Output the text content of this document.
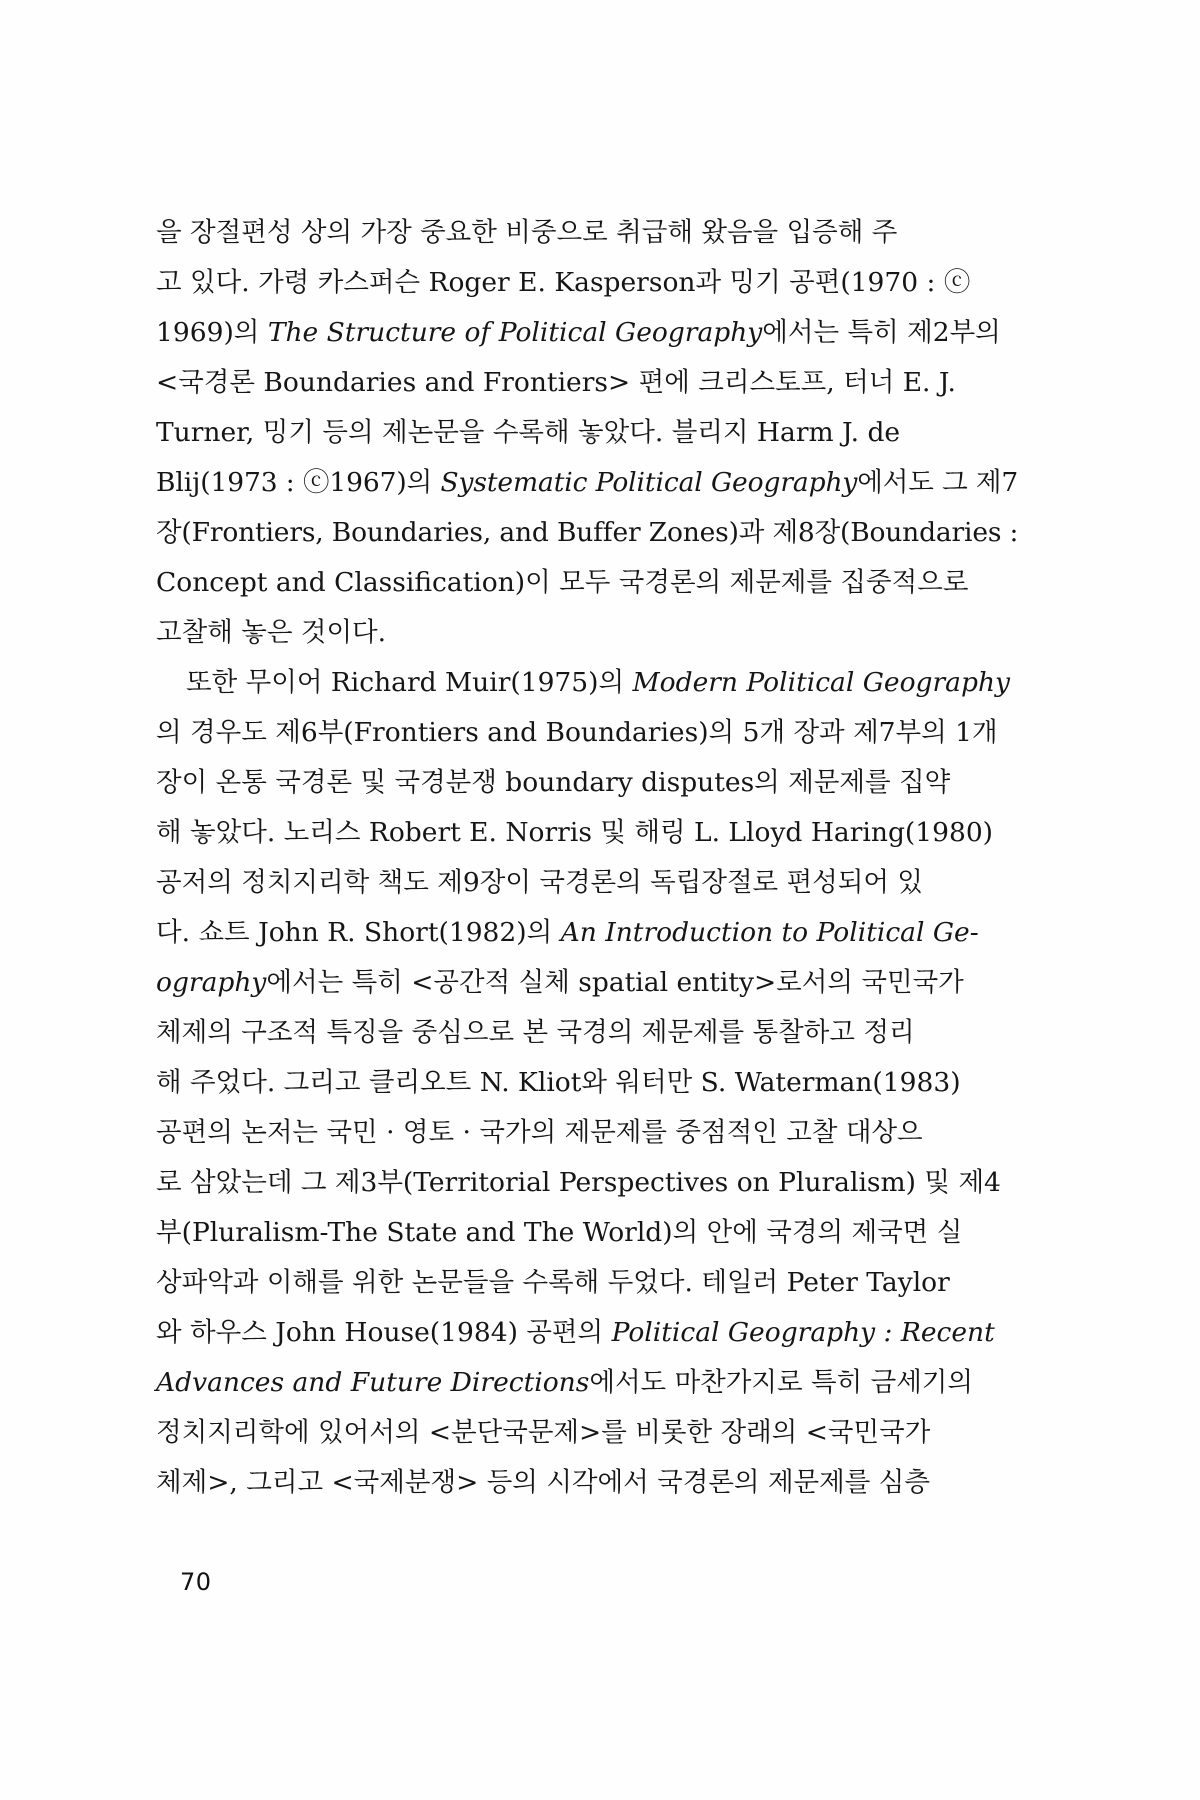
을 장절편성 상의 가장 중요한 비중으로 취급해 왔음을 입증해 주
고 있다. 가령 카스퍼슨 Roger E. Kasperson과 밍기 공편(1970 : ⓒ
1969)의 The Structure of Political Geography에서는 특히 제2부의
<국경론 Boundaries and Frontiers> 편에 크리스토프, 터너 E. J.
Turner, 밍기 등의 제논문을 수록해 놓았다. 블리지 Harm J. de
Blij(1973 : ⓒ1967)의 Systematic Political Geography에서도 그 제7
장(Frontiers, Boundaries, and Buffer Zones)과 제8장(Boundaries :
Concept and Classification)이 모두 국경론의 제문제를 집중적으로
고찰해 놓은 것이다.
또한 무이어 Richard Muir(1975)의 Modern Political Geography
의 경우도 제6부(Frontiers and Boundaries)의 5개 장과 제7부의 1개
장이 온통 국경론 및 국경분쟁 boundary disputes의 제문제를 집약
해 놓았다. 노리스 Robert E. Norris 및 해링 L. Lloyd Haring(1980)
공저의 정치지리학 책도 제9장이 국경론의 독립장절로 편성되어 있
다. 쇼트 John R. Short(1982)의 An Introduction to Political Ge-
ography에서는 특히 <공간적 실체 spatial entity>로서의 국민국가
체제의 구조적 특징을 중심으로 본 국경의 제문제를 통찰하고 정리
해 주었다. 그리고 클리오트 N. Kliot와 워터만 S. Waterman(1983)
공편의 논저는 국민 · 영토 · 국가의 제문제를 중점적인 고찰 대상으
로 삼았는데 그 제3부(Territorial Perspectives on Pluralism) 및 제4
부(Pluralism-The State and The World)의 안에 국경의 제국면 실
상파악과 이해를 위한 논문들을 수록해 두었다. 테일러 Peter Taylor
와 하우스 John House(1984) 공편의 Political Geography : Recent
Advances and Future Directions에서도 마찬가지로 특히 금세기의
정치지리학에 있어서의 <분단국문제>를 비롯한 장래의 <국민국가
체제>, 그리고 <국제분쟁> 등의 시각에서 국경론의 제문제를 심층
70
